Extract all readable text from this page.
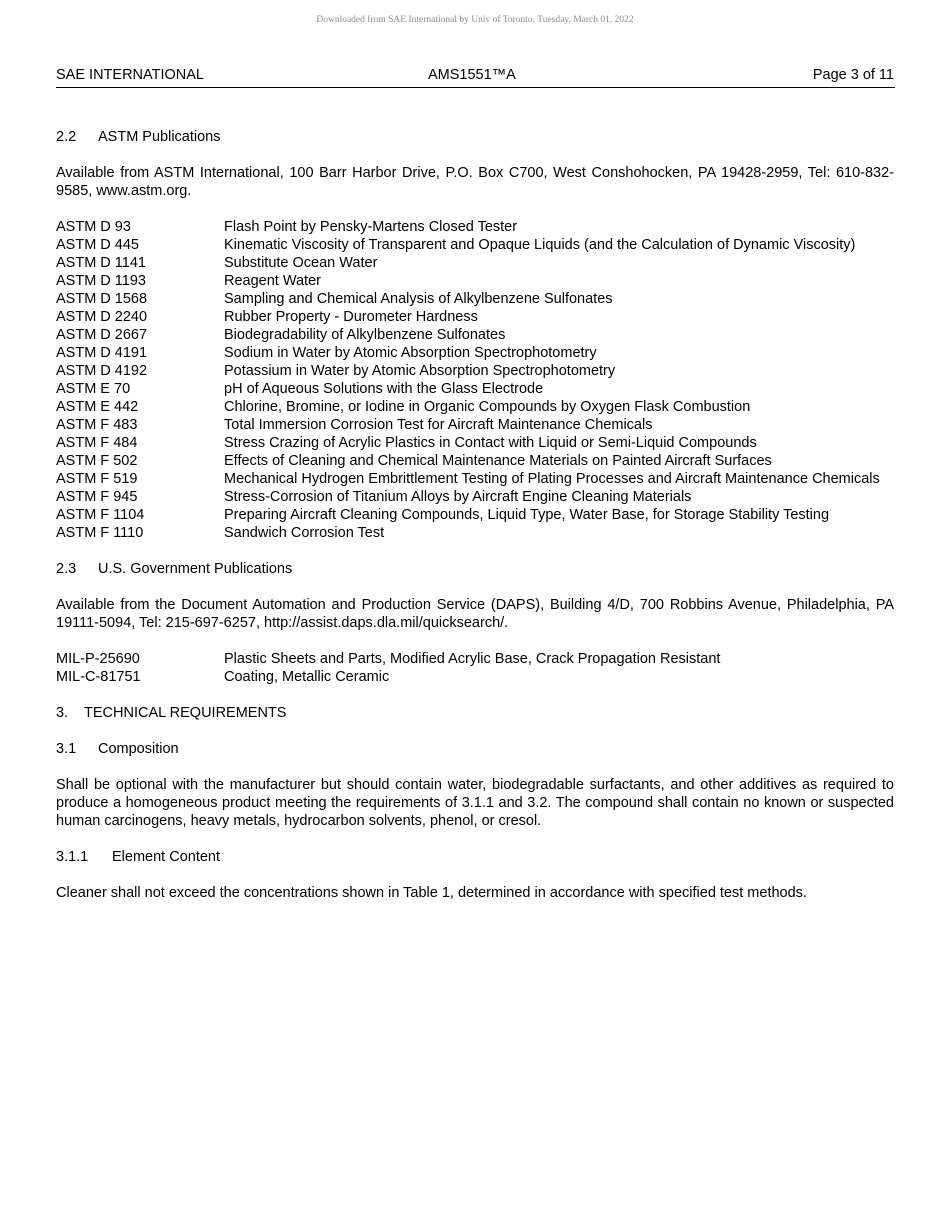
Downloaded from SAE International by Univ of Toronto, Tuesday, March 01, 2022
SAE INTERNATIONAL	AMS1551™A	Page 3 of 11
2.2 ASTM Publications
Available from ASTM International, 100 Barr Harbor Drive, P.O. Box C700, West Conshohocken, PA 19428-2959, Tel: 610-832-9585, www.astm.org.
ASTM D 93	Flash Point by Pensky-Martens Closed Tester
ASTM D 445	Kinematic Viscosity of Transparent and Opaque Liquids (and the Calculation of Dynamic Viscosity)
ASTM D 1141	Substitute Ocean Water
ASTM D 1193	Reagent Water
ASTM D 1568	Sampling and Chemical Analysis of Alkylbenzene Sulfonates
ASTM D 2240	Rubber Property - Durometer Hardness
ASTM D 2667	Biodegradability of Alkylbenzene Sulfonates
ASTM D 4191	Sodium in Water by Atomic Absorption Spectrophotometry
ASTM D 4192	Potassium in Water by Atomic Absorption Spectrophotometry
ASTM E 70	pH of Aqueous Solutions with the Glass Electrode
ASTM E 442	Chlorine, Bromine, or Iodine in Organic Compounds by Oxygen Flask Combustion
ASTM F 483	Total Immersion Corrosion Test for Aircraft Maintenance Chemicals
ASTM F 484	Stress Crazing of Acrylic Plastics in Contact with Liquid or Semi-Liquid Compounds
ASTM F 502	Effects of Cleaning and Chemical Maintenance Materials on Painted Aircraft Surfaces
ASTM F 519	Mechanical Hydrogen Embrittlement Testing of Plating Processes and Aircraft Maintenance Chemicals
ASTM F 945	Stress-Corrosion of Titanium Alloys by Aircraft Engine Cleaning Materials
ASTM F 1104	Preparing Aircraft Cleaning Compounds, Liquid Type, Water Base, for Storage Stability Testing
ASTM F 1110	Sandwich Corrosion Test
2.3 U.S. Government Publications
Available from the Document Automation and Production Service (DAPS), Building 4/D, 700 Robbins Avenue, Philadelphia, PA 19111-5094, Tel: 215-697-6257, http://assist.daps.dla.mil/quicksearch/.
MIL-P-25690	Plastic Sheets and Parts, Modified Acrylic Base, Crack Propagation Resistant
MIL-C-81751	Coating, Metallic Ceramic
3. TECHNICAL REQUIREMENTS
3.1 Composition
Shall be optional with the manufacturer but should contain water, biodegradable surfactants, and other additives as required to produce a homogeneous product meeting the requirements of 3.1.1 and 3.2. The compound shall contain no known or suspected human carcinogens, heavy metals, hydrocarbon solvents, phenol, or cresol.
3.1.1 Element Content
Cleaner shall not exceed the concentrations shown in Table 1, determined in accordance with specified test methods.
